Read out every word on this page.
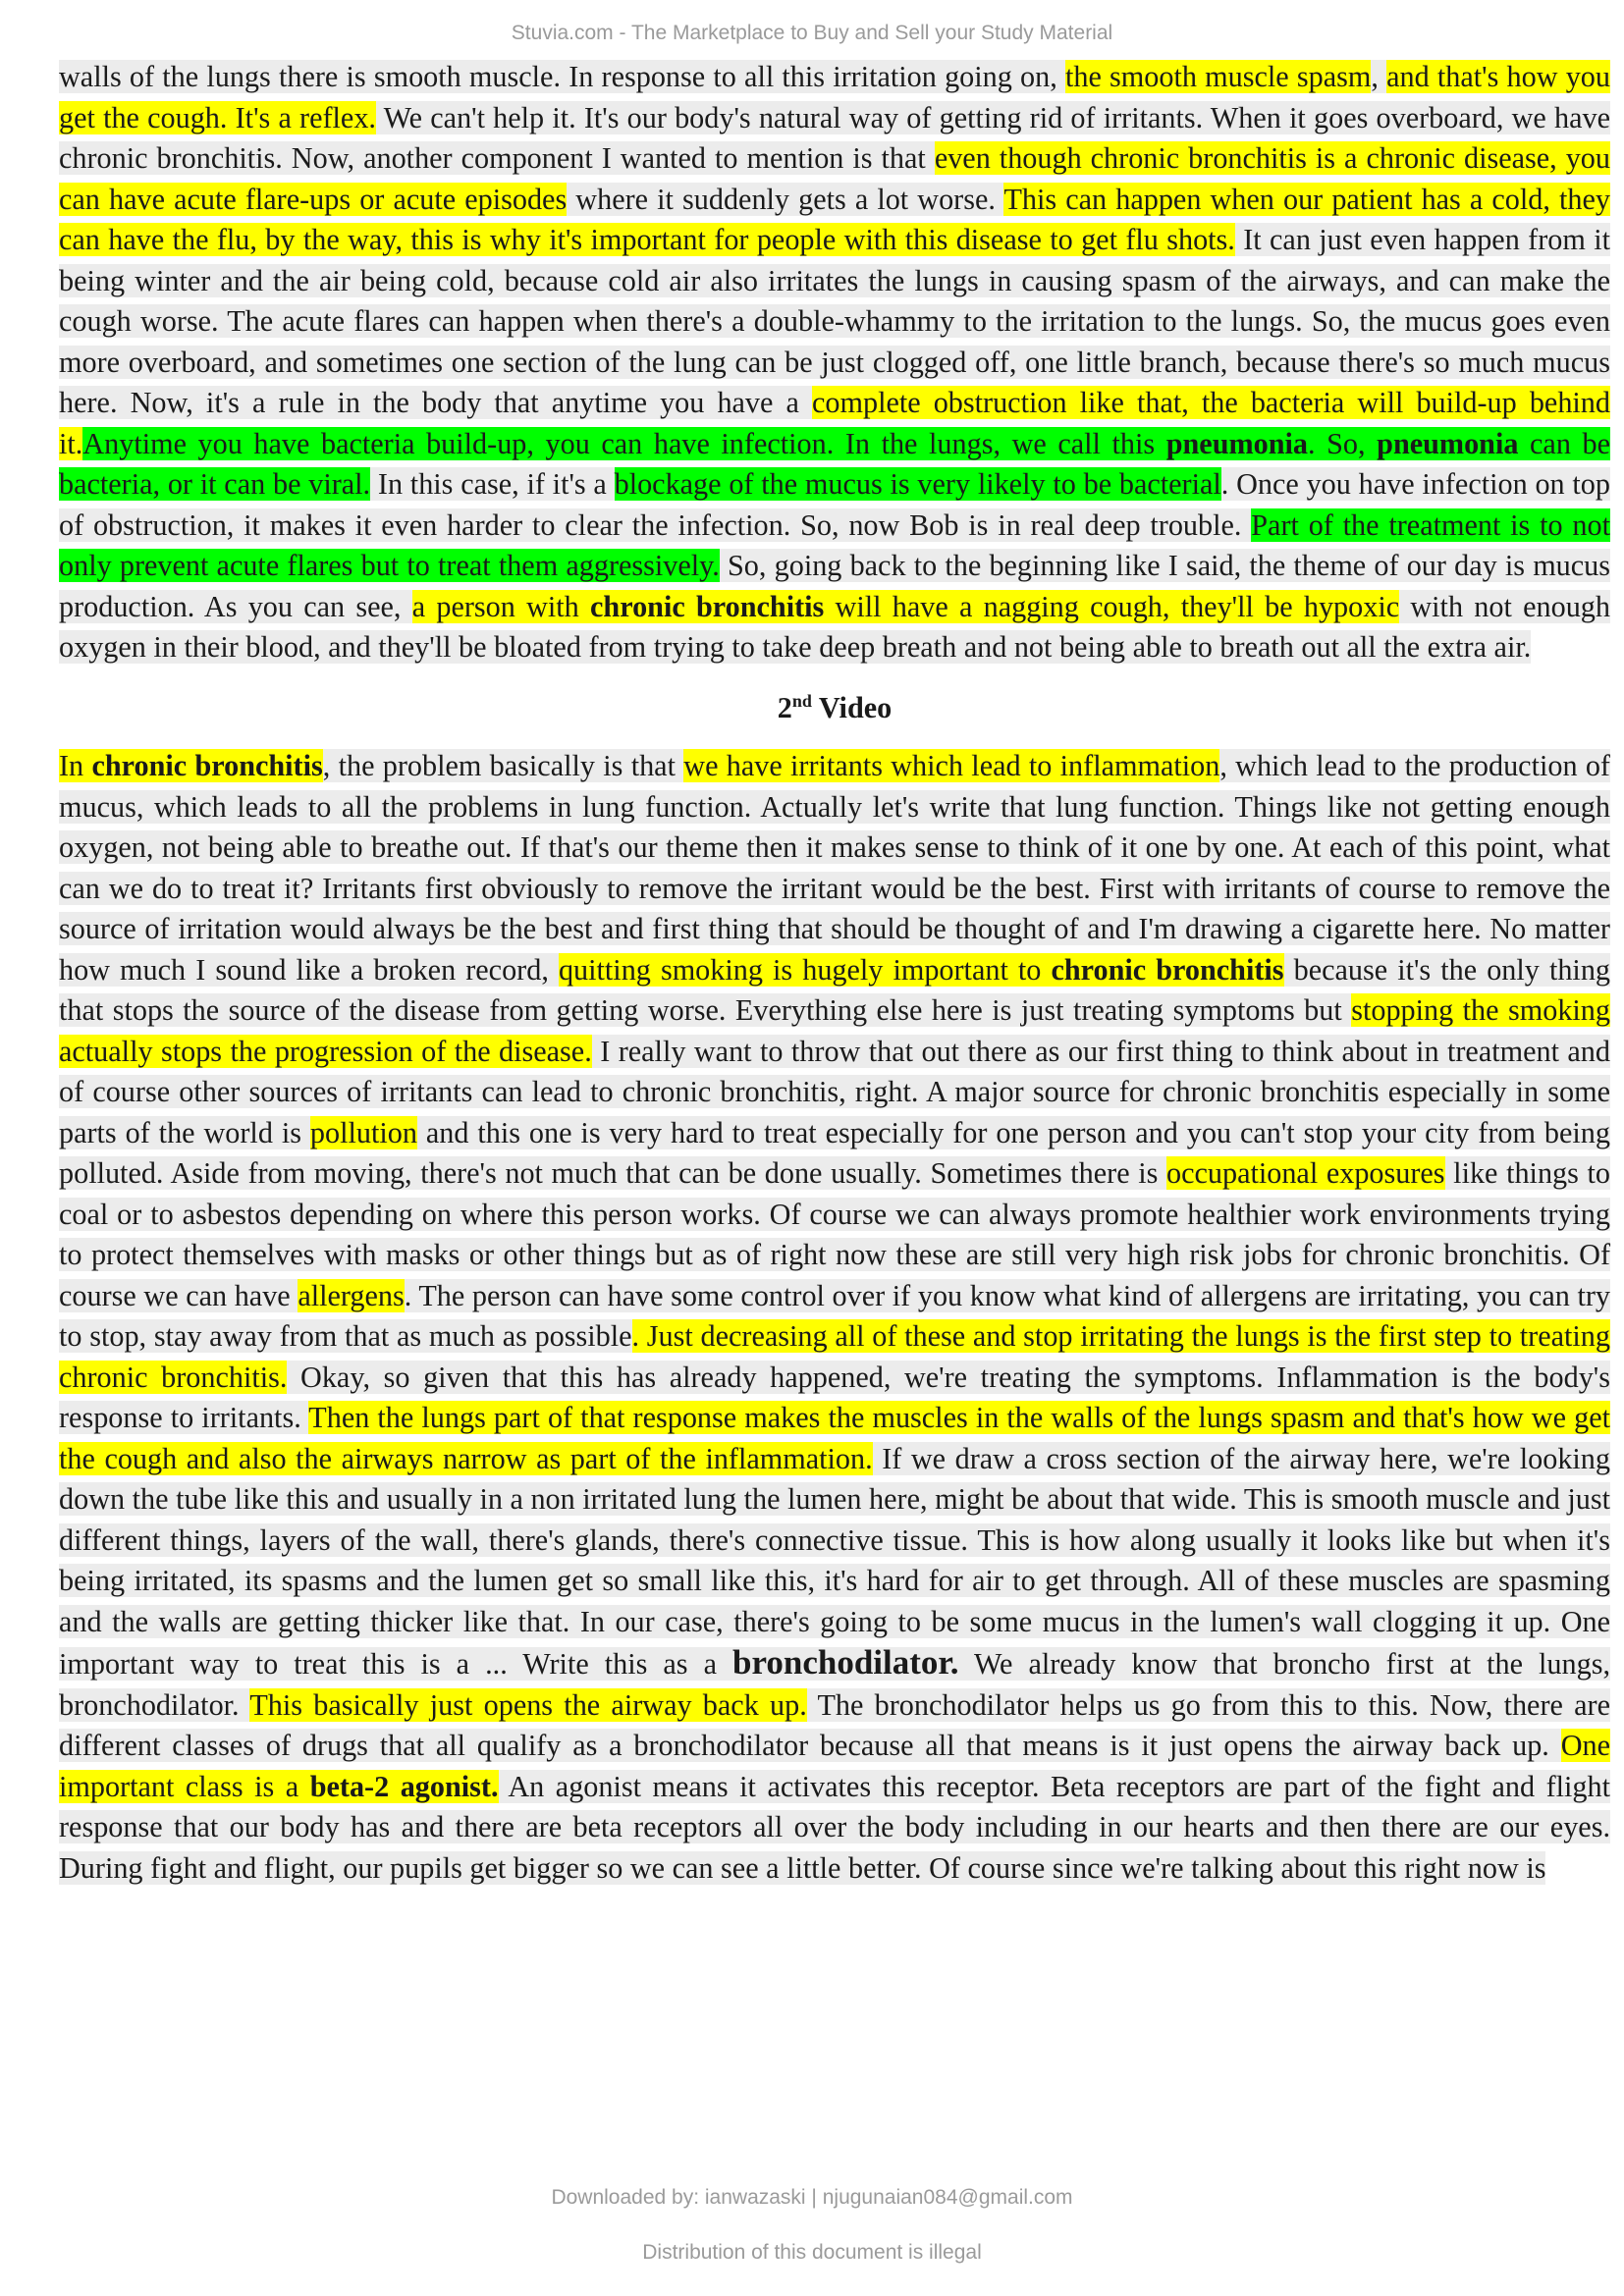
Stuvia.com - The Marketplace to Buy and Sell your Study Material

walls of the lungs there is smooth muscle. In response to all this irritation going on, the smooth muscle spasm, and that's how you get the cough. It's a reflex. We can't help it. It's our body's natural way of getting rid of irritants. When it goes overboard, we have chronic bronchitis. Now, another component I wanted to mention is that even though chronic bronchitis is a chronic disease, you can have acute flare-ups or acute episodes where it suddenly gets a lot worse. This can happen when our patient has a cold, they can have the flu, by the way, this is why it's important for people with this disease to get flu shots. It can just even happen from it being winter and the air being cold, because cold air also irritates the lungs in causing spasm of the airways, and can make the cough worse. The acute flares can happen when there's a double-whammy to the irritation to the lungs. So, the mucus goes even more overboard, and sometimes one section of the lung can be just clogged off, one little branch, because there's so much mucus here. Now, it's a rule in the body that anytime you have a complete obstruction like that, the bacteria will build-up behind it.Anytime you have bacteria build-up, you can have infection. In the lungs, we call this pneumonia. So, pneumonia can be bacteria, or it can be viral. In this case, if it's a blockage of the mucus is very likely to be bacterial. Once you have infection on top of obstruction, it makes it even harder to clear the infection. So, now Bob is in real deep trouble. Part of the treatment is to not only prevent acute flares but to treat them aggressively. So, going back to the beginning like I said, the theme of our day is mucus production. As you can see, a person with chronic bronchitis will have a nagging cough, they'll be hypoxic with not enough oxygen in their blood, and they'll be bloated from trying to take deep breath and not being able to breath out all the extra air.

2nd Video

In chronic bronchitis, the problem basically is that we have irritants which lead to inflammation, which lead to the production of mucus, which leads to all the problems in lung function. Actually let's write that lung function. Things like not getting enough oxygen, not being able to breathe out. If that's our theme then it makes sense to think of it one by one. At each of this point, what can we do to treat it? Irritants first obviously to remove the irritant would be the best. First with irritants of course to remove the source of irritation would always be the best and first thing that should be thought of and I'm drawing a cigarette here. No matter how much I sound like a broken record, quitting smoking is hugely important to chronic bronchitis because it's the only thing that stops the source of the disease from getting worse. Everything else here is just treating symptoms but stopping the smoking actually stops the progression of the disease. I really want to throw that out there as our first thing to think about in treatment and of course other sources of irritants can lead to chronic bronchitis, right. A major source for chronic bronchitis especially in some parts of the world is pollution and this one is very hard to treat especially for one person and you can't stop your city from being polluted. Aside from moving, there's not much that can be done usually. Sometimes there is occupational exposures like things to coal or to asbestos depending on where this person works. Of course we can always promote healthier work environments trying to protect themselves with masks or other things but as of right now these are still very high risk jobs for chronic bronchitis. Of course we can have allergens. The person can have some control over if you know what kind of allergens are irritating, you can try to stop, stay away from that as much as possible. Just decreasing all of these and stop irritating the lungs is the first step to treating chronic bronchitis. Okay, so given that this has already happened, we're treating the symptoms. Inflammation is the body's response to irritants. Then the lungs part of that response makes the muscles in the walls of the lungs spasm and that's how we get the cough and also the airways narrow as part of the inflammation. If we draw a cross section of the airway here, we're looking down the tube like this and usually in a non irritated lung the lumen here, might be about that wide. This is smooth muscle and just different things, layers of the wall, there's glands, there's connective tissue. This is how along usually it looks like but when it's being irritated, its spasms and the lumen get so small like this, it's hard for air to get through. All of these muscles are spasming and the walls are getting thicker like that. In our case, there's going to be some mucus in the lumen's wall clogging it up. One important way to treat this is a ... Write this as a bronchodilator. We already know that broncho first at the lungs, bronchodilator. This basically just opens the airway back up. The bronchodilator helps us go from this to this. Now, there are different classes of drugs that all qualify as a bronchodilator because all that means is it just opens the airway back up. One important class is a beta-2 agonist. An agonist means it activates this receptor. Beta receptors are part of the fight and flight response that our body has and there are beta receptors all over the body including in our hearts and then there are our eyes. During fight and flight, our pupils get bigger so we can see a little better. Of course since we're talking about this right now is

Downloaded by: ianwazaski | njugunaian084@gmail.com
Distribution of this document is illegal
